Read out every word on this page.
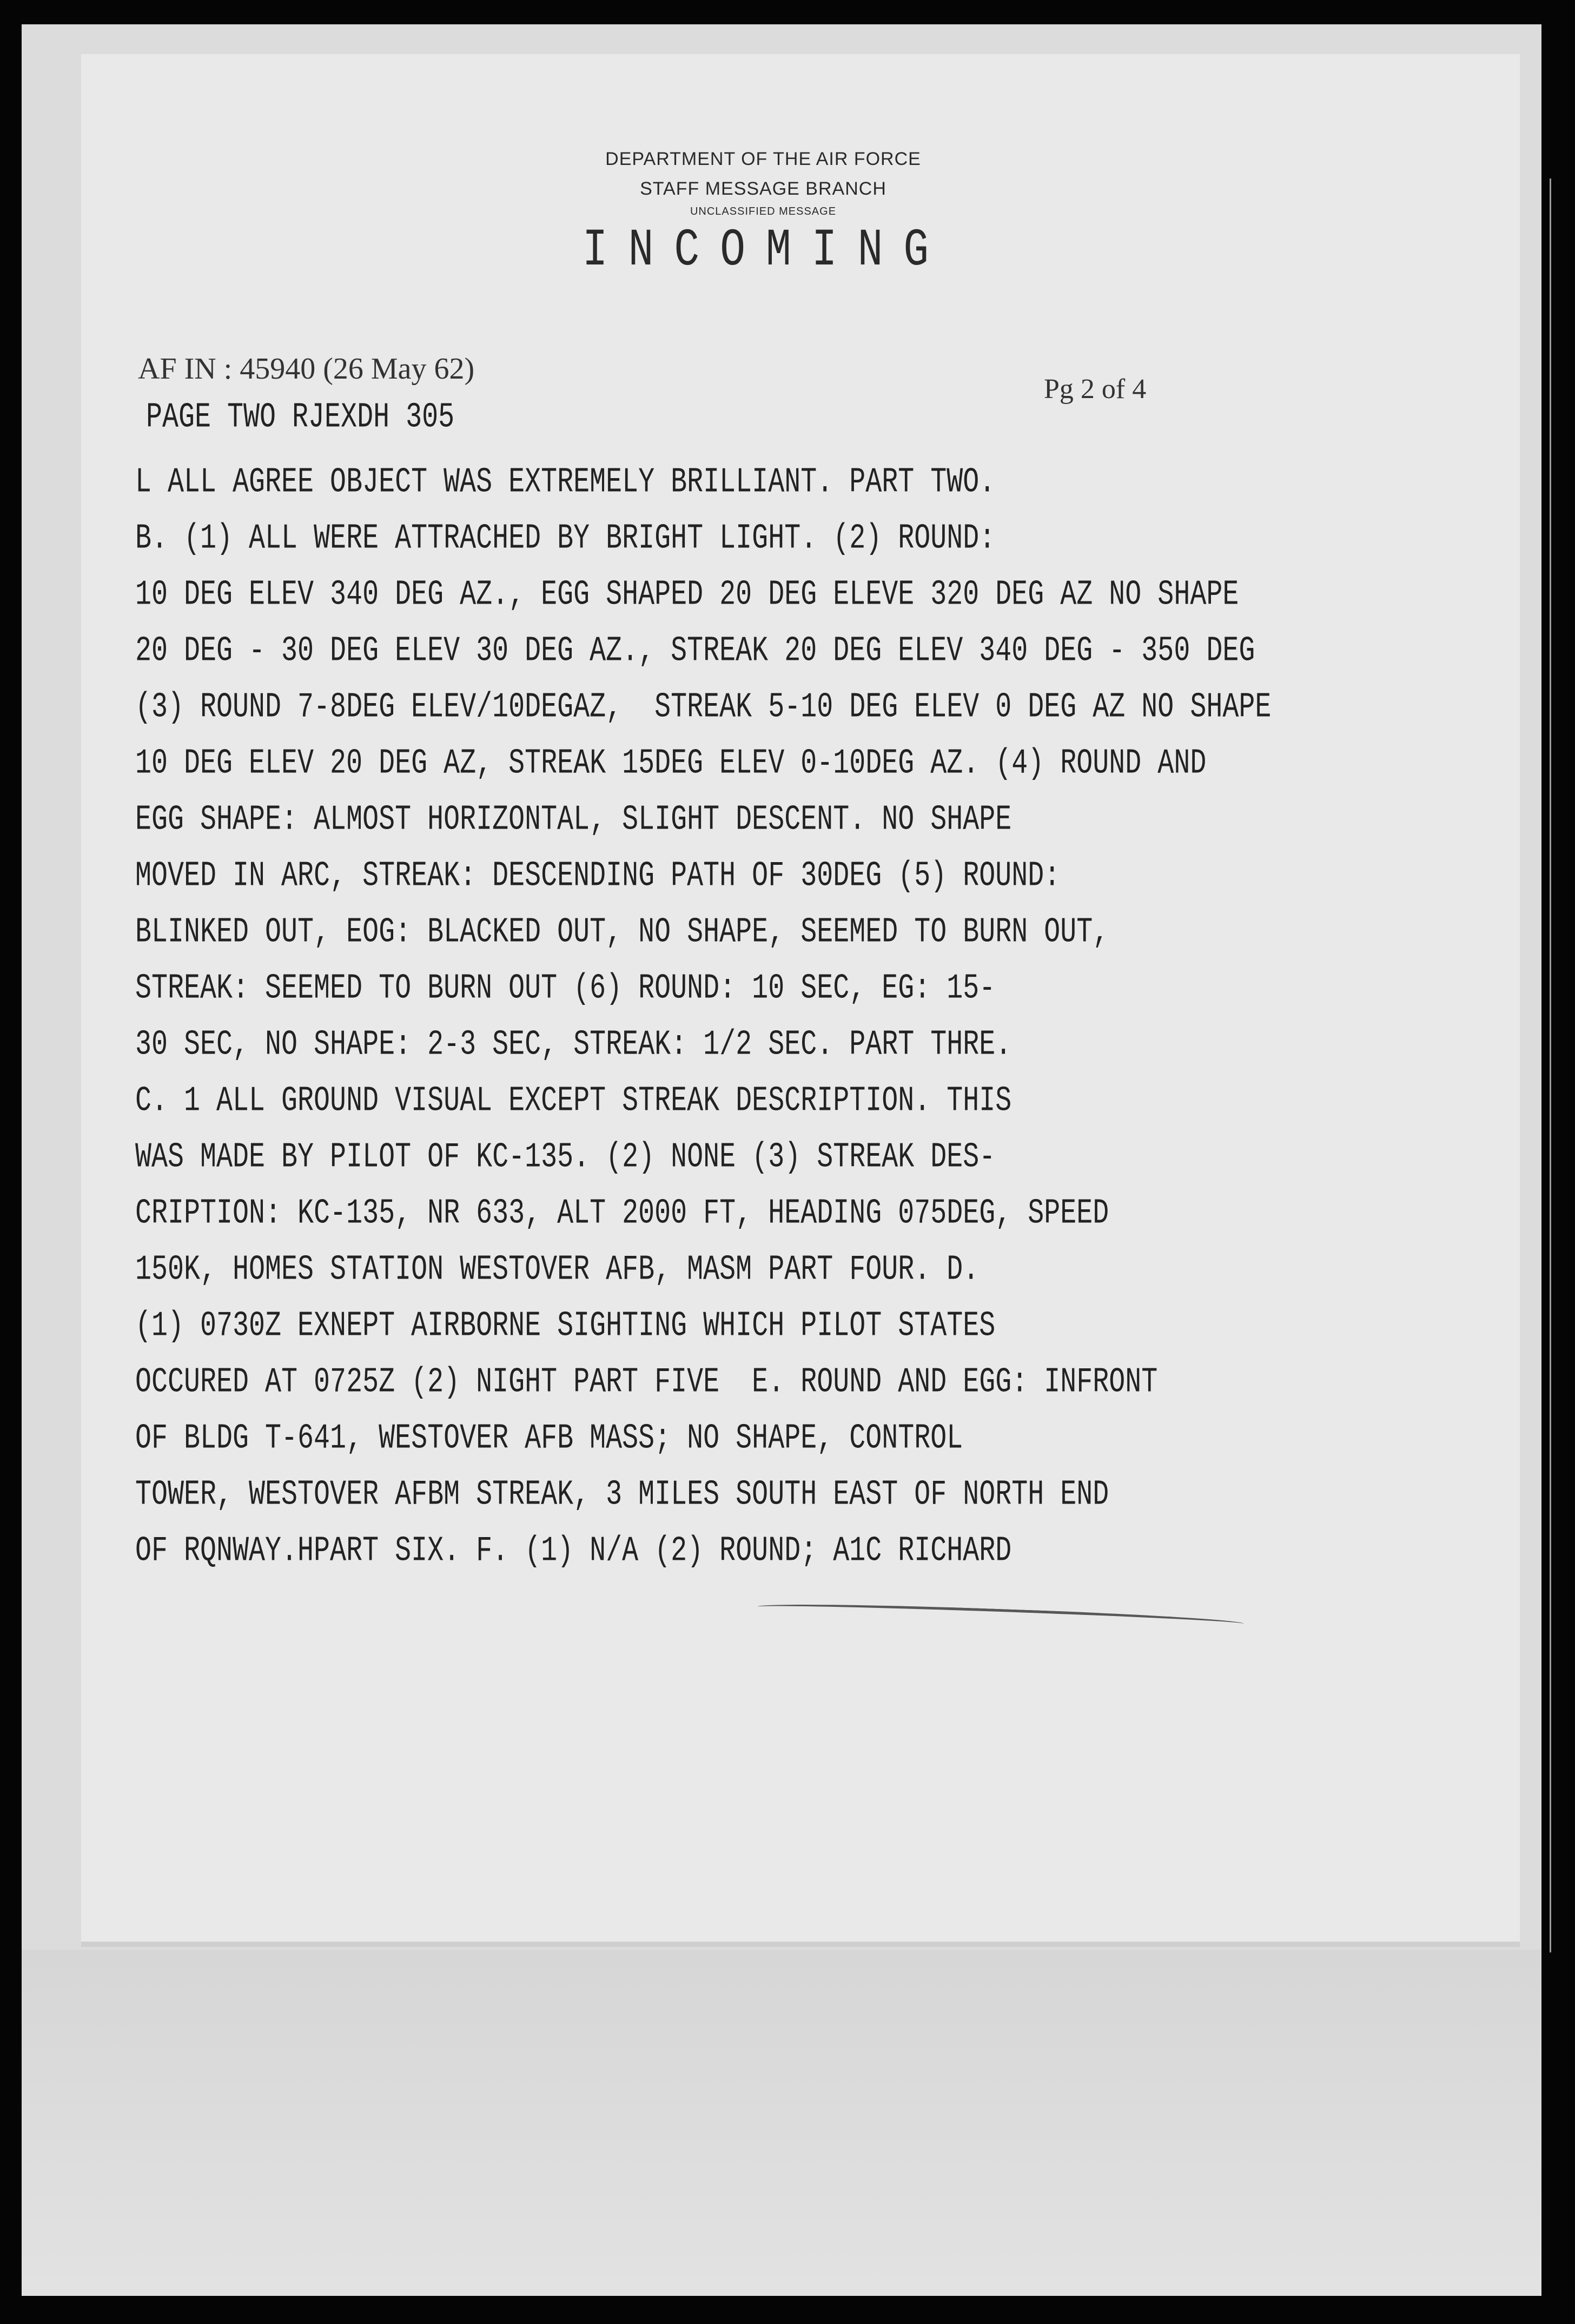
DEPARTMENT OF THE AIR FORCE
STAFF MESSAGE BRANCH
UNCLASSIFIED MESSAGE
INCOMING
AF IN : 45940 (26 May 62)
PAGE TWO RJEXDH 305
Pg 2 of 4
L ALL AGREE OBJECT WAS EXTREMELY BRILLIANT. PART TWO.
B. (1) ALL WERE ATTRACHED BY BRIGHT LIGHT. (2) ROUND:
10 DEG ELEV 340 DEG AZ., EGG SHAPED 20 DEG ELEVE 320 DEG AZ NO SHAPE
20 DEG - 30 DEG ELEV 30 DEG AZ., STREAK 20 DEG ELEV 340 DEG - 350 DEG
(3) ROUND 7-8DEG ELEV/10DEGAZ,  STREAK 5-10 DEG ELEV 0 DEG AZ NO SHAPE
10 DEG ELEV 20 DEG AZ, STREAK 15DEG ELEV 0-10DEG AZ. (4) ROUND AND
EGG SHAPE: ALMOST HORIZONTAL, SLIGHT DESCENT. NO SHAPE
MOVED IN ARC, STREAK: DESCENDING PATH OF 30DEG (5) ROUND:
BLINKED OUT, EOG: BLACKED OUT, NO SHAPE, SEEMED TO BURN OUT,
STREAK: SEEMED TO BURN OUT (6) ROUND: 10 SEC, EG: 15-
30 SEC, NO SHAPE: 2-3 SEC, STREAK: 1/2 SEC. PART THRE.
C. 1 ALL GROUND VISUAL EXCEPT STREAK DESCRIPTION. THIS
WAS MADE BY PILOT OF KC-135. (2) NONE (3) STREAK DES-
CRIPTION: KC-135, NR 633, ALT 2000 FT, HEADING 075DEG, SPEED
150K, HOMES STATION WESTOVER AFB, MASM PART FOUR. D.
(1) 0730Z EXNEPT AIRBORNE SIGHTING WHICH PILOT STATES
OCCURED AT 0725Z (2) NIGHT PART FIVE  E. ROUND AND EGG: INFRONT
OF BLDG T-641, WESTOVER AFB MASS; NO SHAPE, CONTROL
TOWER, WESTOVER AFBM STREAK, 3 MILES SOUTH EAST OF NORTH END
OF RQNWAY.HPART SIX. F. (1) N/A (2) ROUND; A1C RICHARD
